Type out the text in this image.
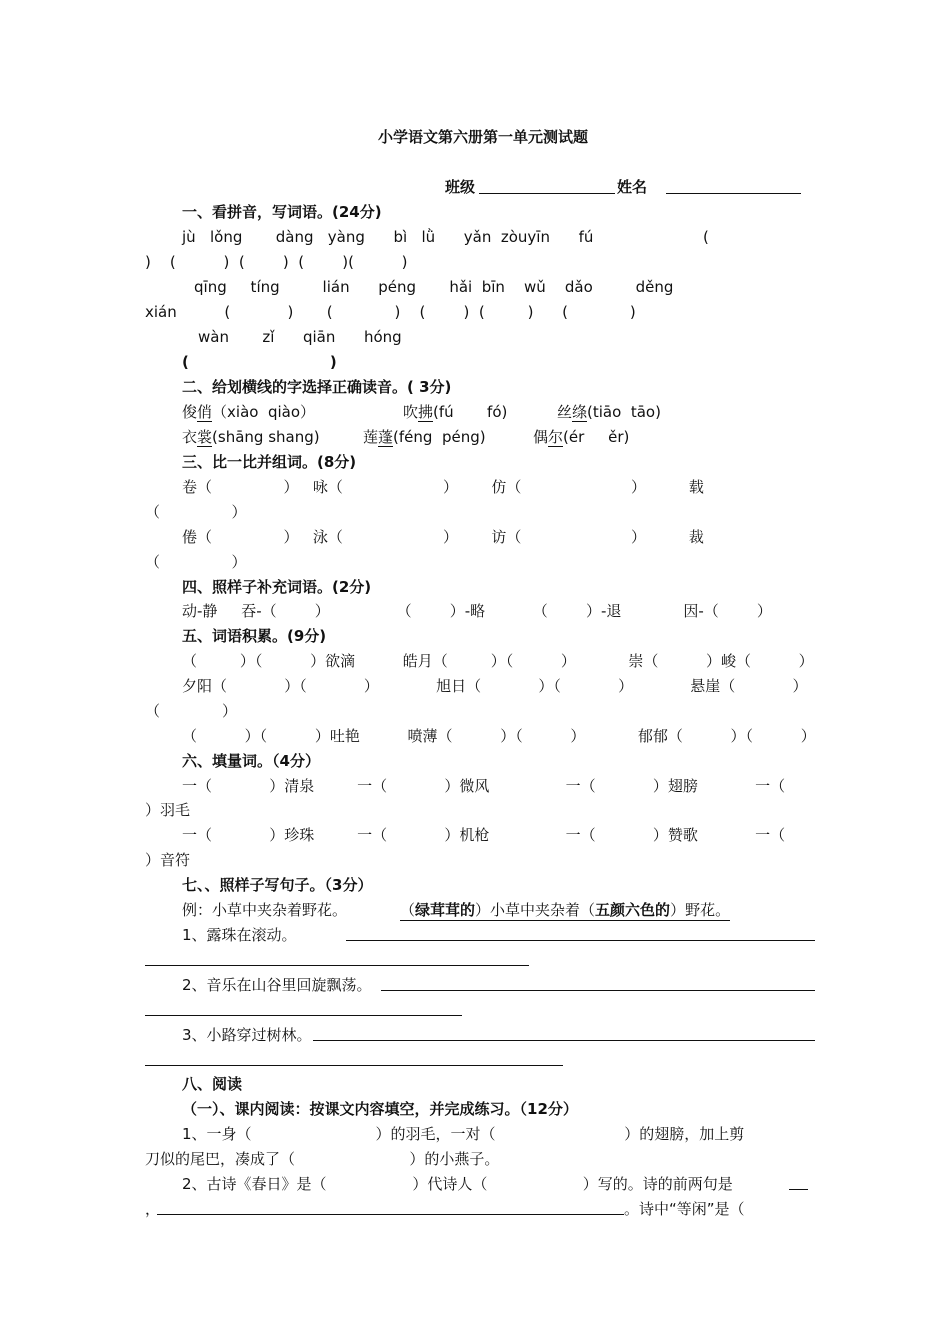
小学语文第六册第一单元测试题
班级	姓名
一、看拼音，写词语。(24分)
jù   lǒng       dàng   yàng      bì   lǜ      yǎn  zòuyīn      fú                       (
)    (          )  (        )  (        )(          )
qīng     tíng         lián      péng       hǎi  bīn    wǔ    dǎo         děng
xián          (            )       (             )    (        )  (         )      (             )
wàn       zǐ      qiān      hóng
(                           )
二、给划横线的字选择正确读音。( 3分)
俊俏（xiào  qiào）	吹拂(fú       fó)	丝绦(tiāo  tāo)
衣裳(shāng shang)	莲蓬(féng  péng)	偶尔(ér     ěr)
三、比一比并组词。(8分)
卷（               ）   咏（                     ）       仿（                       ）         载
（               ）
倦（               ）   泳（                     ）       访（                       ）         裁
（               ）
四、照样子补充词语。(2分)
动-静     吞-（        ）              （        ）-略          （        ）-退             因-（        ）
五、词语积累。(9分)
（         ）（          ）欲滴          皓月（         ）（          ）           崇（          ）峻（          ）
夕阳（            ）（            ）            旭日（            ）（            ）            悬崖（            ）
（             ）
（          ）（          ）吐艳          喷薄（          ）（          ）           郁郁（          ）（          ）
六、填量词。（4分）
一（            ）清泉         一（            ）微风                一（            ）翅膀            一（
）羽毛
一（            ）珍珠         一（            ）机枪                一（            ）赞歌            一（
）音符
七、、照样子写句子。（3分）
例：小草中夹杂着野花。	（绿茸茸的）小草中夹杂着（五颜六色的）野花。
1、露珠在滚动。
2、音乐在山谷里回旋飘荡。
3、小路穿过树林。
八、阅读
（一）、课内阅读：按课文内容填空，并完成练习。（12分）
1、一身（                          ）的羽毛，一对（                           ）的翅膀，加上剪
刀似的尾巴，凑成了（                        ）的小燕子。
2、古诗《春日》是（                  ）代诗人（                    ）写的。诗的前两句是
，	。诗中“等闲”是（
